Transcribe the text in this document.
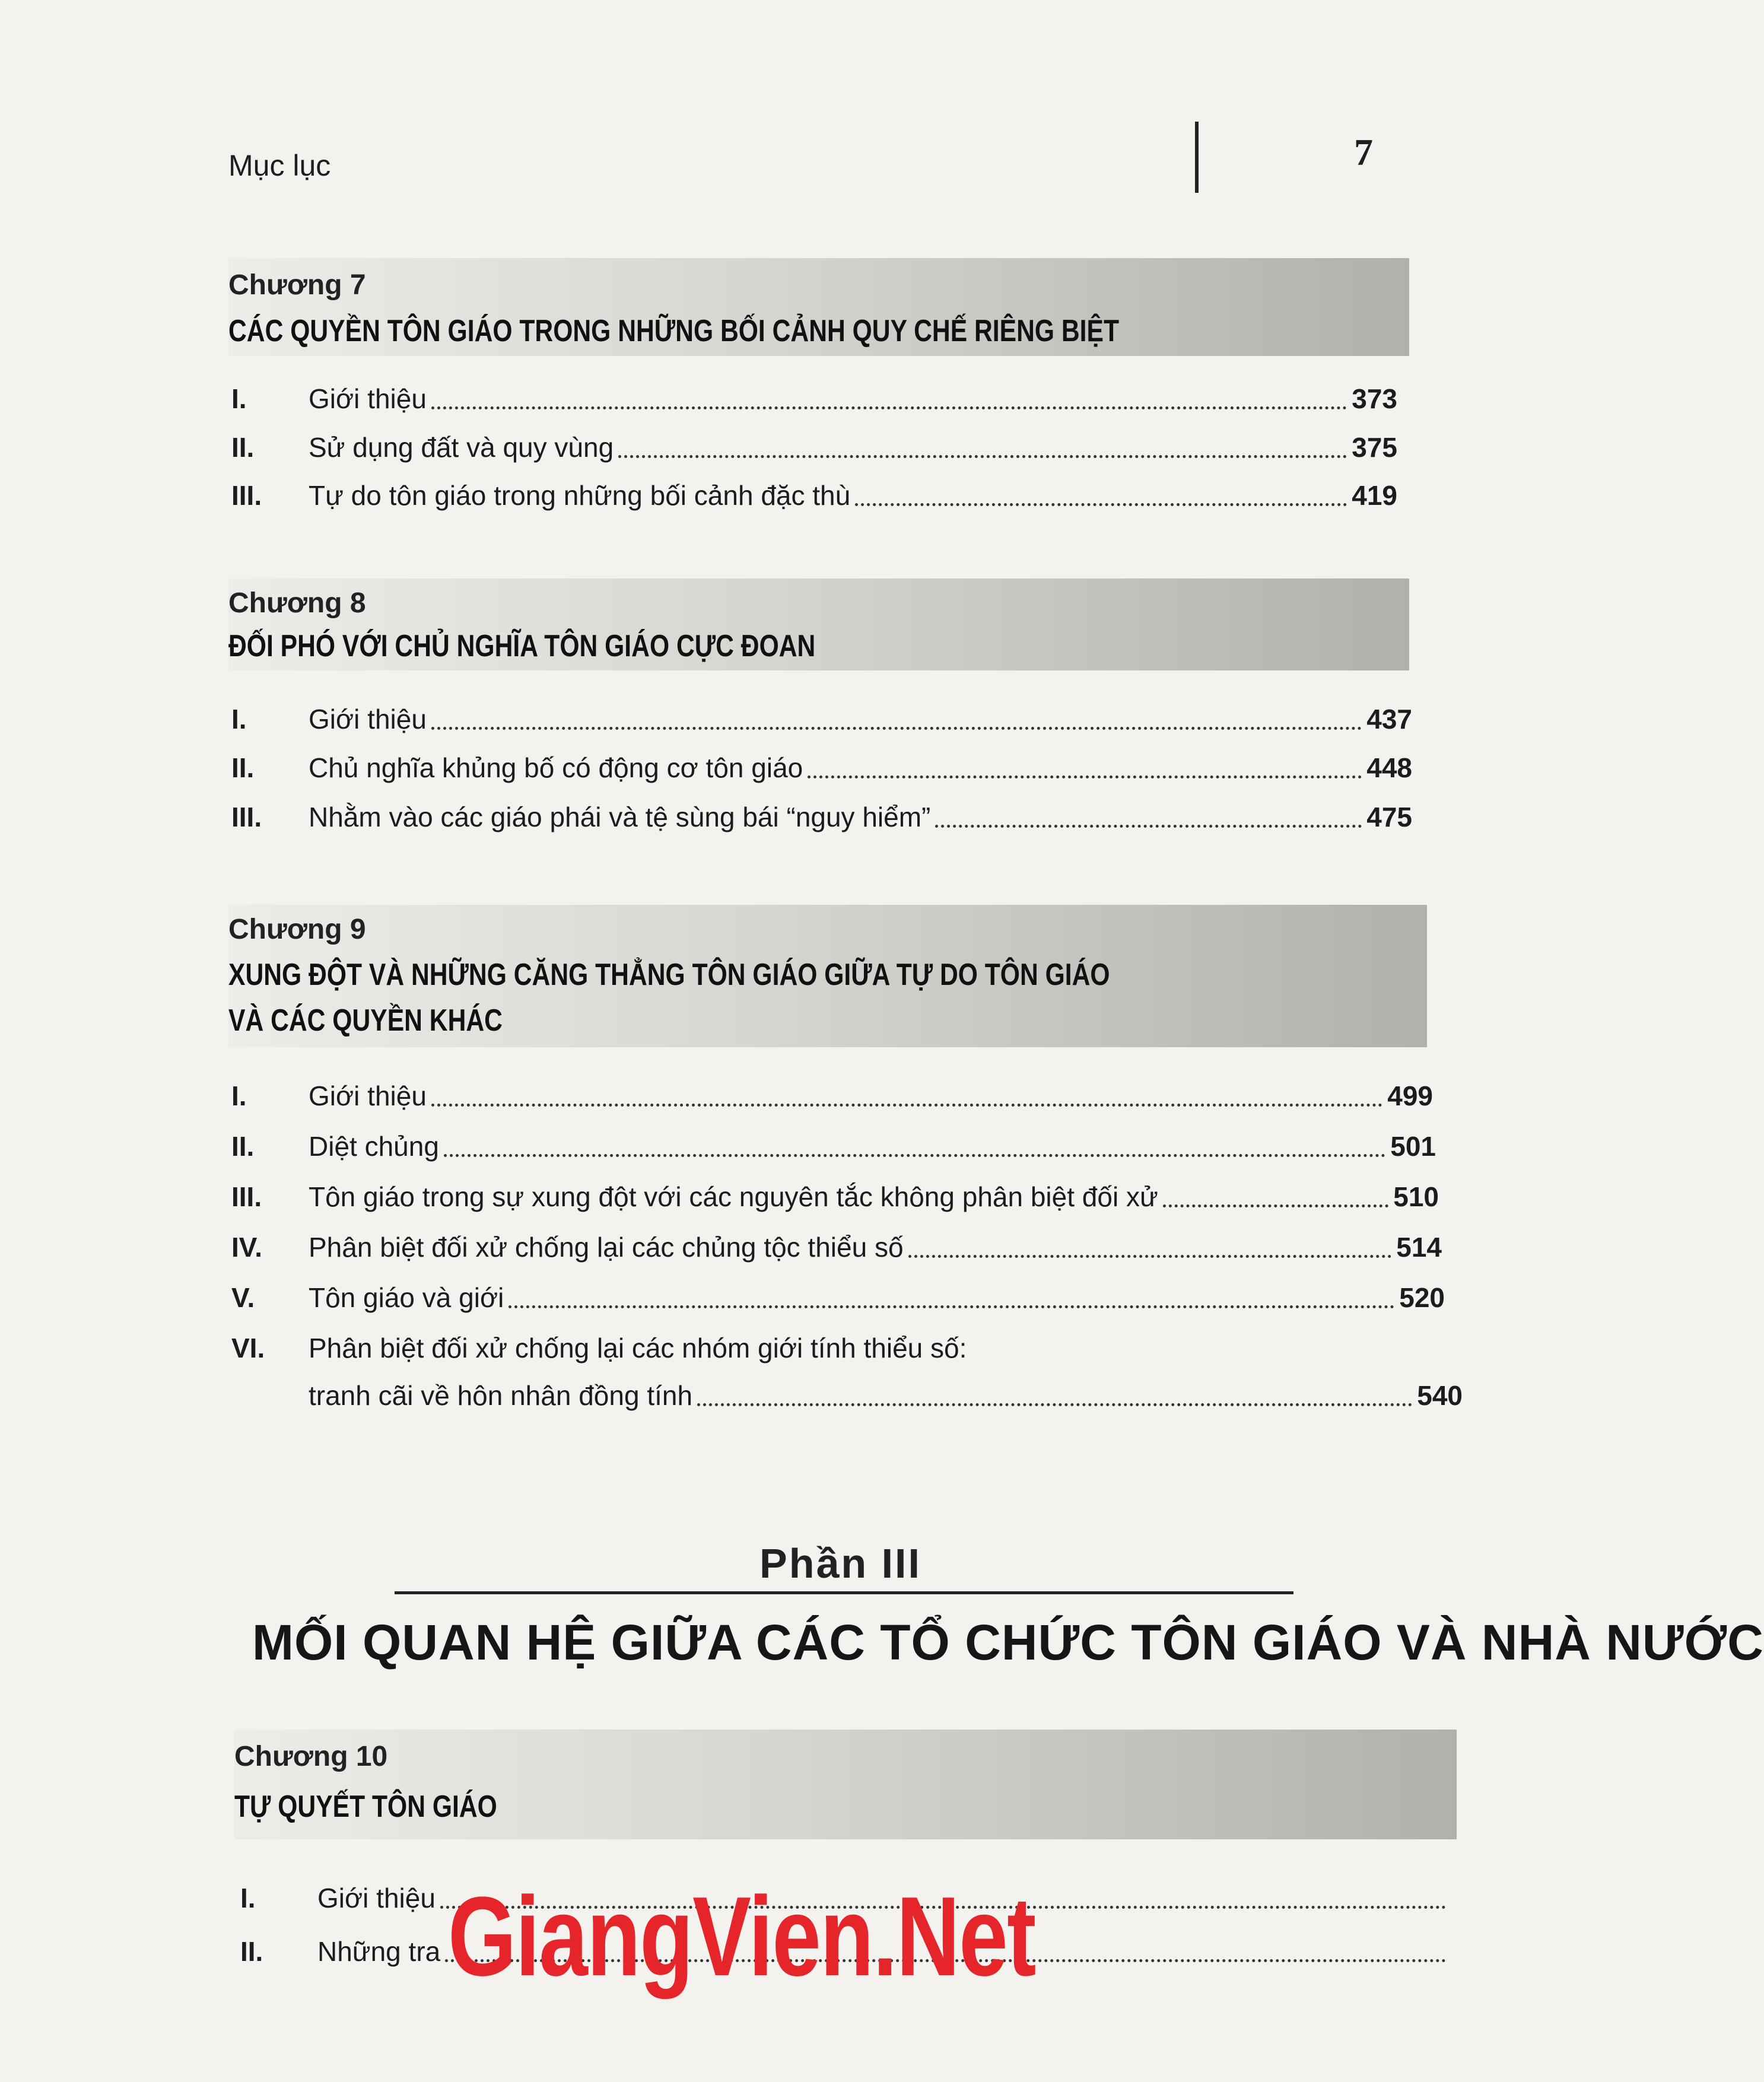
Mục lục	7
Chương 7
CÁC QUYỀN TÔN GIÁO TRONG NHỮNG BỐI CẢNH QUY CHẾ RIÊNG BIỆT
I.	Giới thiệu	373
II.	Sử dụng đất và quy vùng	375
III.	Tự do tôn giáo trong những bối cảnh đặc thù	419
Chương 8
ĐỐI PHÓ VỚI CHỦ NGHĨA TÔN GIÁO CỰC ĐOAN
I.	Giới thiệu	437
II.	Chủ nghĩa khủng bố có động cơ tôn giáo	448
III.	Nhằm vào các giáo phái và tệ sùng bái “nguy hiểm”	475
Chương 9
XUNG ĐỘT VÀ NHỮNG CĂNG THẲNG TÔN GIÁO GIỮA TỰ DO TÔN GIÁO
VÀ CÁC QUYỀN KHÁC
I.	Giới thiệu	499
II.	Diệt chủng	501
III.	Tôn giáo trong sự xung đột với các nguyên tắc không phân biệt đối xử	510
IV.	Phân biệt đối xử chống lại các chủng tộc thiểu số	514
V.	Tôn giáo và giới	520
VI. Phân biệt đối xử chống lại các nhóm giới tính thiểu số:
tranh cãi về hôn nhân đồng tính	540
Phần III
MỐI QUAN HỆ GIỮA CÁC TỔ CHỨC TÔN GIÁO VÀ NHÀ NƯỚC
Chương 10
TỰ QUYẾT TÔN GIÁO
I.	Giới thiệu
II.	Những tra GiangVien.Net
